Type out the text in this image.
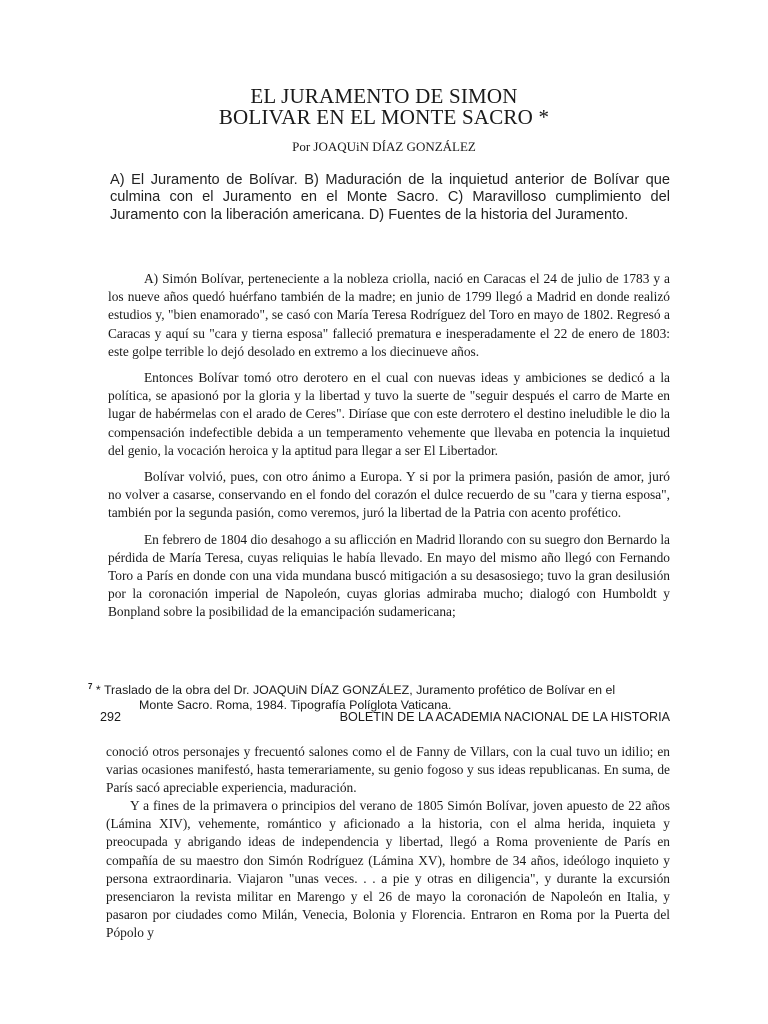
EL JURAMENTO DE SIMON
BOLIVAR EN EL MONTE SACRO *
Por JOAQUiN DÍAZ GONZÁLEZ
A) El Juramento de Bolívar. B) Maduración de la inquietud anterior de Bolívar que culmina con el Juramento en el Monte Sacro. C) Maravilloso cumplimiento del Juramento con la liberación americana. D) Fuentes de la historia del Juramento.

A) Simón Bolívar, perteneciente a la nobleza criolla, nació en Caracas el 24 de julio de 1783 y a los nueve años quedó huérfano también de la madre; en junio de 1799 llegó a Madrid en donde realizó estudios y, "bien enamorado", se casó con María Teresa Rodríguez del Toro en mayo de 1802. Regresó a Caracas y aquí su "cara y tierna esposa" falleció prematura e inesperadamente el 22 de enero de 1803: este golpe terrible lo dejó desolado en extremo a los diecinueve años.

Entonces Bolívar tomó otro derotero en el cual con nuevas ideas y ambiciones se dedicó a la política, se apasionó por la gloria y la libertad y tuvo la suerte de "seguir después el carro de Marte en lugar de habérmelas con el arado de Ceres". Diríase que con este derrotero el destino ineludible le dio la compensación indefectible debida a un temperamento vehemente que llevaba en potencia la inquietud del genio, la vocación heroica y la aptitud para llegar a ser El Libertador.

Bolívar volvió, pues, con otro ánimo a Europa. Y si por la primera pasión, pasión de amor, juró no volver a casarse, conservando en el fondo del corazón el dulce recuerdo de su "cara y tierna esposa", también por la segunda pasión, como veremos, juró la libertad de la Patria con acento profético.

En febrero de 1804 dio desahogo a su aflicción en Madrid llorando con su suegro don Bernardo la pérdida de María Teresa, cuyas reliquias le había llevado. En mayo del mismo año llegó con Fernando Toro a París en donde con una vida mundana buscó mitigación a su desasosiego; tuvo la gran desilusión por la coronación imperial de Napoleón, cuyas glorias admiraba mucho; dialogó con Humboldt y Bonpland sobre la posibilidad de la emancipación sudamericana;

$^7$ * Traslado de la obra del Dr. JOAQUiN DÍAZ GONZÁLEZ, Juramento profético de Bolívar en el
Monte Sacro. Roma, 1984. Tipografía Políglota Vaticana.
292	BOLETIN DE LA ACADEMIA NACIONAL DE LA HISTORIA

conoció otros personajes y frecuentó salones como el de Fanny de Villars, con la cual tuvo un idilio; en varias ocasiones manifestó, hasta temerariamente, su genio fogoso y sus ideas republicanas. En suma, de París sacó apreciable experiencia, maduración.

Y a fines de la primavera o principios del verano de 1805 Simón Bolívar, joven apuesto de 22 años (Lámina XIV), vehemente, romántico y aficionado a la historia, con el alma herida, inquieta y preocupada y abrigando ideas de independencia y libertad, llegó a Roma proveniente de París en compañía de su maestro don Simón Rodríguez (Lámina XV), hombre de 34 años, ideólogo inquieto y persona extraordinaria. Viajaron "unas veces. . . a pie y otras en diligencia", y durante la excursión presenciaron la revista militar en Marengo y el 26 de mayo la coronación de Napoleón en Italia, y pasaron por ciudades como Milán, Venecia, Bolonia y Florencia. Entraron en Roma por la Puerta del Pópolo y
